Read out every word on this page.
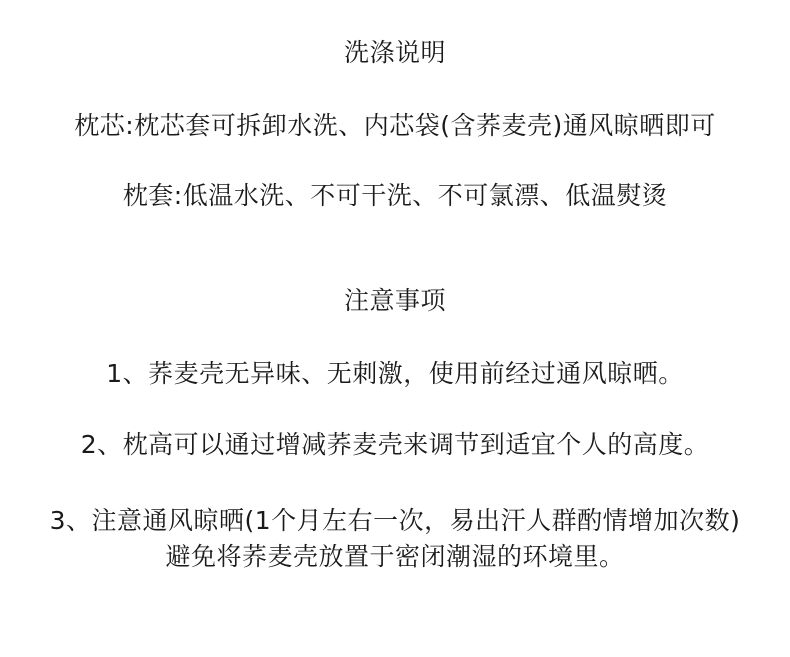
洗涤说明
枕芯:枕芯套可拆卸水洗、内芯袋(含荞麦壳)通风晾晒即可
枕套:低温水洗、不可干洗、不可氯漂、低温熨烫
注意事项
1、荞麦壳无异味、无刺激，使用前经过通风晾晒。
2、枕高可以通过增减荞麦壳来调节到适宜个人的高度。
3、注意通风晾晒(1个月左右一次，易出汗人群酌情增加次数)
避免将荞麦壳放置于密闭潮湿的环境里。
